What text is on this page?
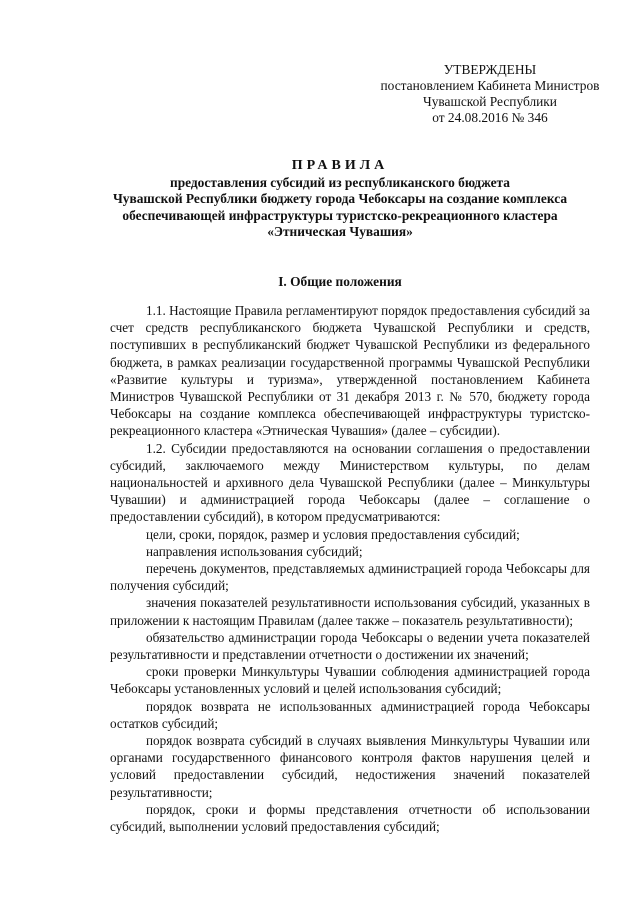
УТВЕРЖДЕНЫ
постановлением Кабинета Министров
Чувашской Республики
от 24.08.2016 № 346
ПРАВИЛА
предоставления субсидий из республиканского бюджета
Чувашской Республики бюджету города Чебоксары на создание комплекса
обеспечивающей инфраструктуры туристско-рекреационного кластера
«Этническая Чувашия»
I. Общие положения

1.1. Настоящие Правила регламентируют порядок предоставления субсидий за счет средств республиканского бюджета Чувашской Республики и средств, поступивших в республиканский бюджет Чувашской Республики из федерального бюджета, в рамках реализации государственной программы Чувашской Республики «Развитие культуры и туризма», утвержденной постановлением Кабинета Министров Чувашской Республики от 31 декабря 2013 г. № 570, бюджету города Чебоксары на создание комплекса обеспечивающей инфраструктуры туристско-рекреационного кластера «Этническая Чувашия» (далее – субсидии).

1.2. Субсидии предоставляются на основании соглашения о предоставлении субсидий, заключаемого между Министерством культуры, по делам национальностей и архивного дела Чувашской Республики (далее – Минкультуры Чувашии) и администрацией города Чебоксары (далее – соглашение о предоставлении субсидий), в котором предусматриваются:

цели, сроки, порядок, размер и условия предоставления субсидий;

направления использования субсидий;

перечень документов, представляемых администрацией города Чебоксары для получения субсидий;

значения показателей результативности использования субсидий, указанных в приложении к настоящим Правилам (далее также – показатель результативности);

обязательство администрации города Чебоксары о ведении учета показателей результативности и представлении отчетности о достижении их значений;

сроки проверки Минкультуры Чувашии соблюдения администрацией города Чебоксары установленных условий и целей использования субсидий;

порядок возврата не использованных администрацией города Чебоксары остатков субсидий;

порядок возврата субсидий в случаях выявления Минкультуры Чувашии или органами государственного финансового контроля фактов нарушения целей и условий предоставлении субсидий, недостижения значений показателей результативности;

порядок, сроки и формы представления отчетности об использовании субсидий, выполнении условий предоставления субсидий;
